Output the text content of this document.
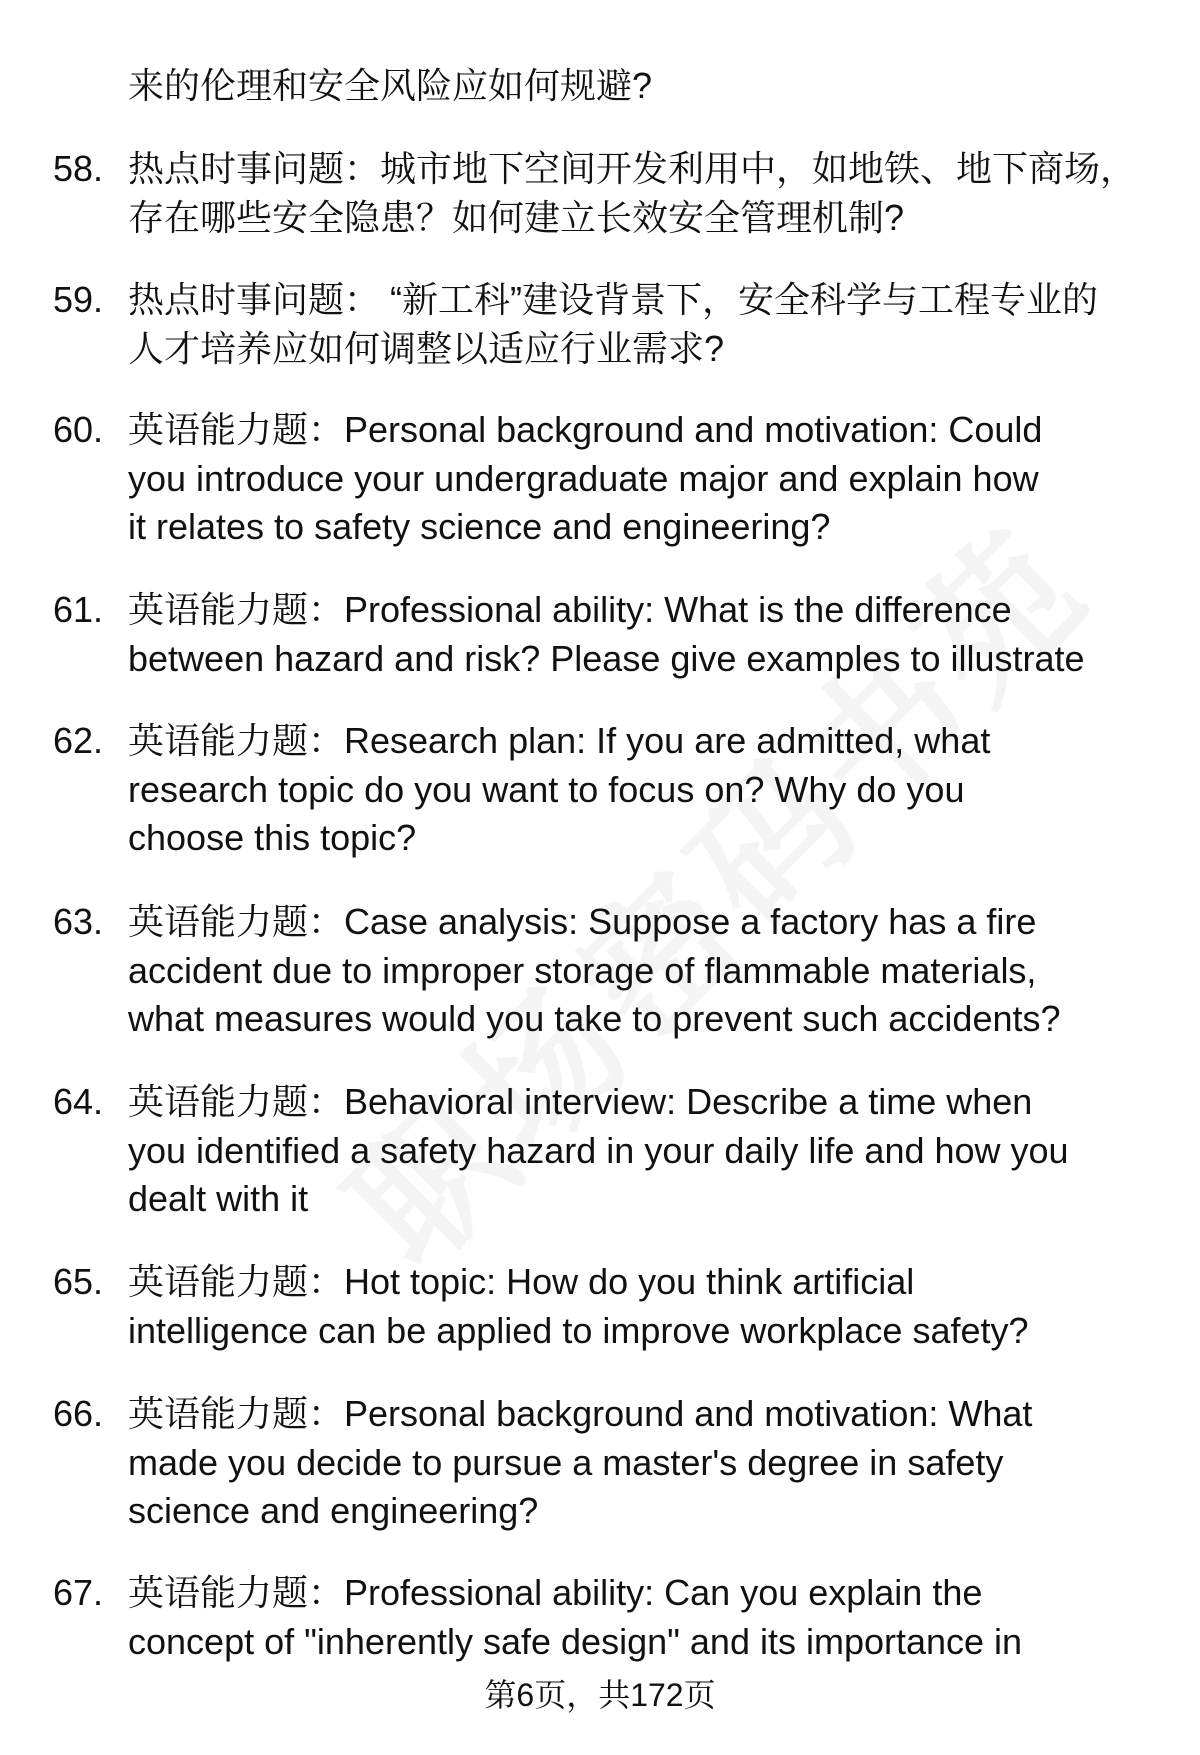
来的伦理和安全风险应如何规避?
58. 热点时事问题：城市地下空间开发利用中，如地铁、地下商场，
存在哪些安全隐患？如何建立长效安全管理机制?
59. 热点时事问题： “新工科”建设背景下，安全科学与工程专业的
人才培养应如何调整以适应行业需求?
60. 英语能力题：Personal background and motivation: Could
you introduce your undergraduate major and explain how
it relates to safety science and engineering?
61. 英语能力题：Professional ability: What is the difference
between hazard and risk? Please give examples to illustrate
62. 英语能力题：Research plan: If you are admitted, what
research topic do you want to focus on? Why do you
choose this topic?
63. 英语能力题：Case analysis: Suppose a factory has a fire
accident due to improper storage of flammable materials,
what measures would you take to prevent such accidents?
64. 英语能力题：Behavioral interview: Describe a time when
you identified a safety hazard in your daily life and how you
dealt with it
65. 英语能力题：Hot topic: How do you think artificial
intelligence can be applied to improve workplace safety?
66. 英语能力题：Personal background and motivation: What
made you decide to pursue a master's degree in safety
science and engineering?
67. 英语能力题：Professional ability: Can you explain the
concept of "inherently safe design" and its importance in
第6页，共172页
